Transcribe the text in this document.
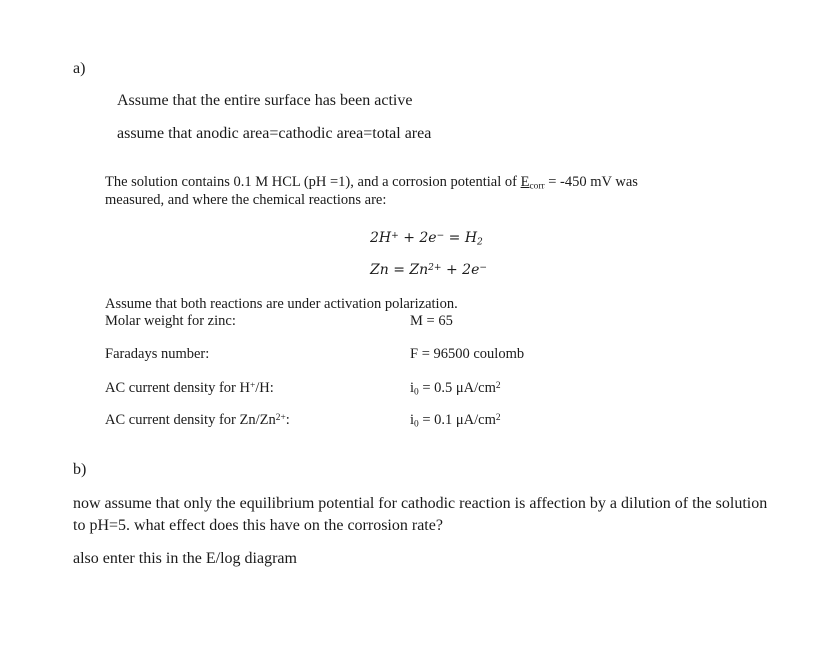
a)
Assume that the entire surface has been active
assume that anodic area=cathodic area=total area
The solution contains 0.1 M HCL (pH =1), and a corrosion potential of $E_{corr} = -450$ mV was
measured, and where the chemical reactions are:
$2H^+ + 2e^- = H_2$
$Zn = Zn^{2+} + 2e^-$
Assume that both reactions are under activation polarization.
Molar weight for zinc:	M = 65
Faradays number:	F = 96500 coulomb
AC current density for H+/H:	$i_0 = 0.5$ $\mu A/cm^2$
AC current density for $Zn/Zn^{2+}$:	$i_0 = 0.1$ $\mu A/cm^2$
b)
now assume that only the equilibrium potential for cathodic reaction is affection by a dilution of the solution to pH=5. what effect does this have on the corrosion rate?
also enter this in the E/log diagram
